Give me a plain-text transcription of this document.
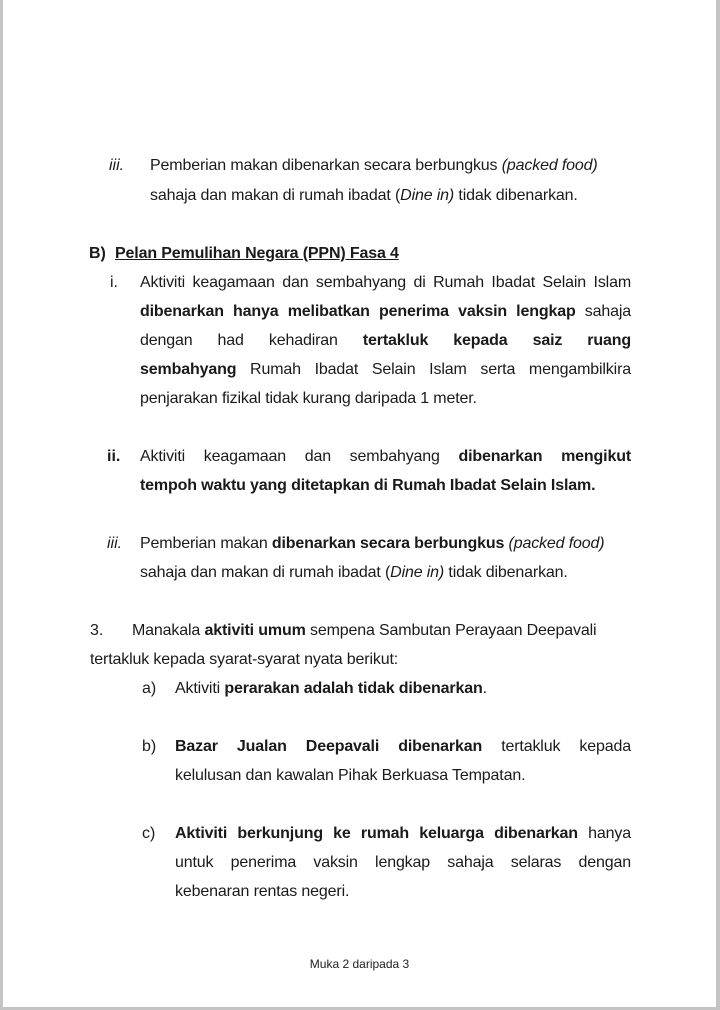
iii. Pemberian makan dibenarkan secara berbungkus (packed food)
sahaja dan makan di rumah ibadat (Dine in) tidak dibenarkan.
B) Pelan Pemulihan Negara (PPN) Fasa 4
i. Aktiviti keagamaan dan sembahyang di Rumah Ibadat Selain Islam
dibenarkan hanya melibatkan penerima vaksin lengkap sahaja
dengan had kehadiran tertakluk kepada saiz ruang
sembahyang Rumah Ibadat Selain Islam serta mengambilkira
penjarakan fizikal tidak kurang daripada 1 meter.
ii. Aktiviti keagamaan dan sembahyang dibenarkan mengikut
tempoh waktu yang ditetapkan di Rumah Ibadat Selain Islam.
iii. Pemberian makan dibenarkan secara berbungkus (packed food)
sahaja dan makan di rumah ibadat (Dine in) tidak dibenarkan.
3. Manakala aktiviti umum sempena Sambutan Perayaan Deepavali
tertakluk kepada syarat-syarat nyata berikut:
a) Aktiviti perarakan adalah tidak dibenarkan.
b) Bazar Jualan Deepavali dibenarkan tertakluk kepada
kelulusan dan kawalan Pihak Berkuasa Tempatan.
c) Aktiviti berkunjung ke rumah keluarga dibenarkan hanya
untuk penerima vaksin lengkap sahaja selaras dengan
kebenaran rentas negeri.
Muka 2 daripada 3
